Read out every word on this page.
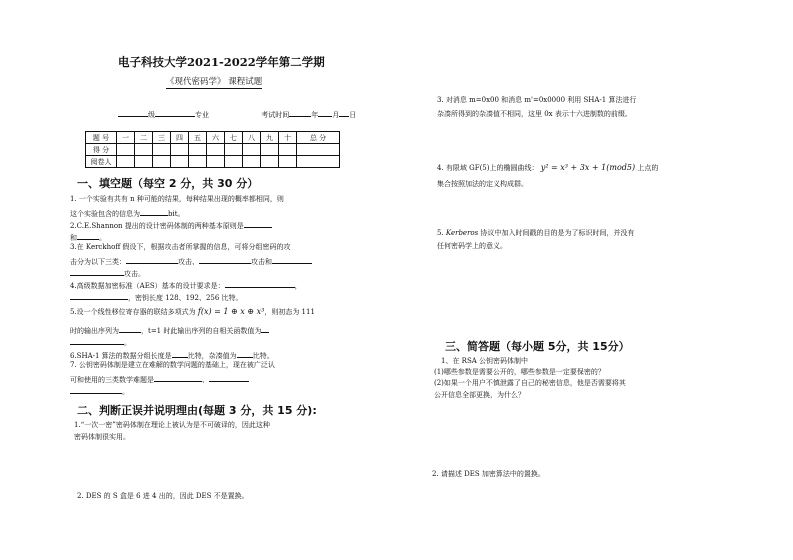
电子科技大学2021-2022学年第二学期
《现代密码学》 课程试题
级	专业	考试时间	年 月 日
题 号	一	二	三	四	五	六	七	八	九	十	总 分
得 分											
阅卷人											
一、填空题（每空 2 分，共 30 分）
1. 一个实验有共有 n 种可能的结果，每种结果出现的概率都相同，则
这个实验包含的信息为	bit。
2.C.E.Shannon 提出的设计密码体制的两种基本原则是
和	。
3.在 Kerckhoff 假设下，根据攻击者所掌握的信息，可将分组密码的攻
击分为以下三类：	攻击、	攻击和
攻击。
4.高级数据加密标准（AES）基本的设计要求是：	，
，密钥长度 128、192、256 比特。
5.设一个线性移位寄存器的联结多项式为 f(x) = 1 ⊕ x ⊕ x³，则初态为 111
时的输出序列为	，t=1 时此输出序列的自相关函数值为
。
6.SHA-1 算法的数据分组长度是 比特，杂凑值为 比特。
7. 公钥密码体制是建立在难解的数学问题的基础上，现在被广泛认
可和使用的三类数学难题是	、
。
二、判断正误并说明理由(每题 3 分，共 15 分):
1.“一次一密”密码体制在理论上被认为是不可破译的，因此这种
密码体制很实用。
2. DES 的 S 盒是 6 进 4 出的，因此 DES 不是置换。
3. 对消息 m=0x00 和消息 m'=0x0000 利用 SHA-1 算法进行
杂凑所得到的杂凑值不相同，这里 0x 表示十六进制数的前缀。
4. 有限域 GF(5)上的椭圆曲线： y² = x³ + 3x + 1(mod5) 上点的
集合按照加法的定义构成群。
5. Kerberos 协议中加入时间戳的目的是为了标识时间，并没有
任何密码学上的意义。
三、简答题（每小题 5分，共 15分）
1、在 RSA 公钥密码体制中
(1)哪些参数是需要公开的，哪些参数是一定要保密的？
(2)如果一个用户不慎泄露了自己的秘密信息，他是否需要将其
公开信息全部更换，为什么？
2. 请描述 DES 加密算法中的置换。
